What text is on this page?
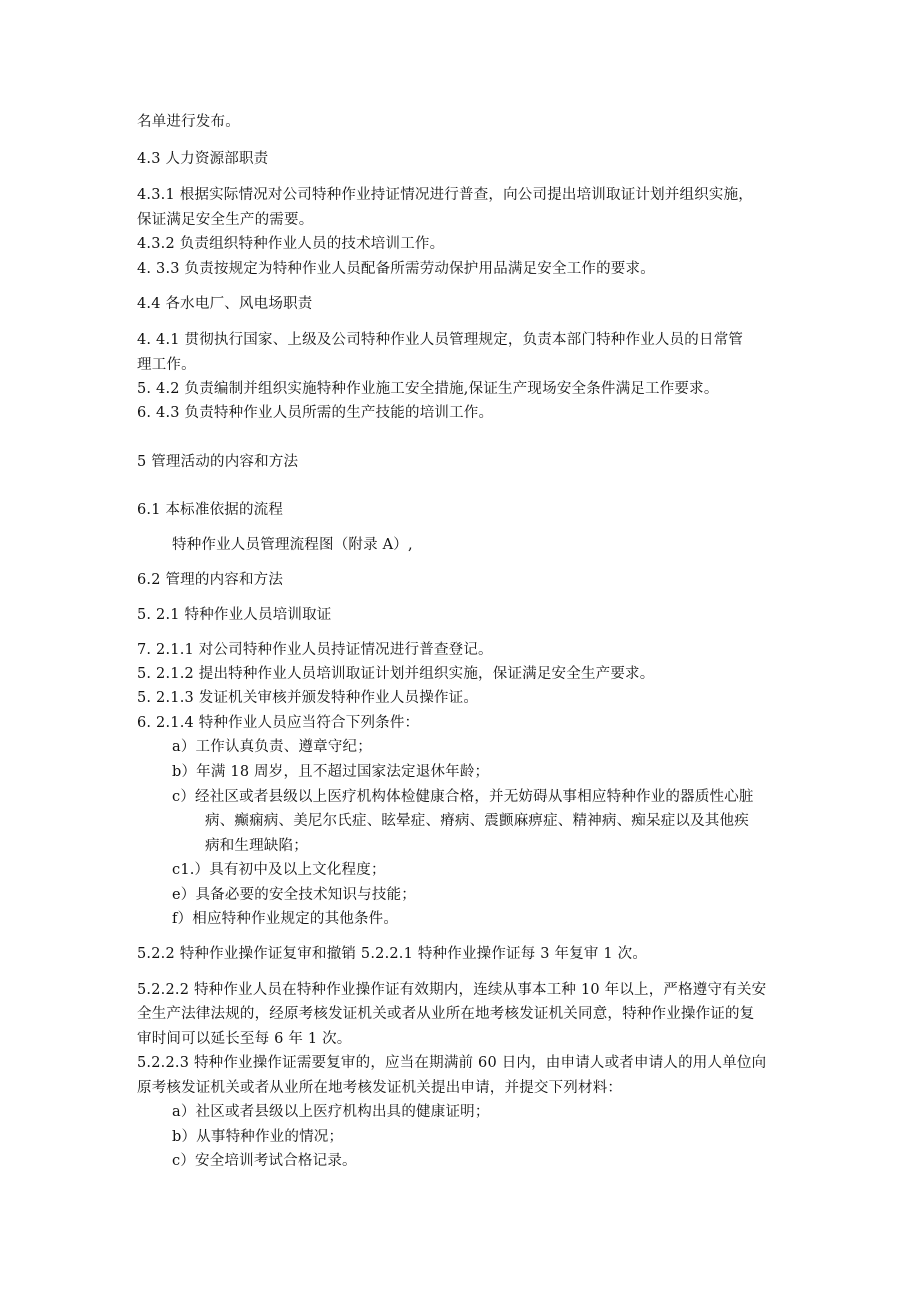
名单进行发布。

4.3 人力资源部职责

4.3.1 根据实际情况对公司特种作业持证情况进行普查，向公司提出培训取证计划并组织实施，

保证满足安全生产的需要。

4.3.2 负责组织特种作业人员的技术培训工作。

4. 3.3 负责按规定为特种作业人员配备所需劳动保护用品满足安全工作的要求。

4.4 各水电厂、风电场职责

4. 4.1 贯彻执行国家、上级及公司特种作业人员管理规定，负责本部门特种作业人员的日常管

理工作。

5. 4.2 负责编制并组织实施特种作业施工安全措施,保证生产现场安全条件满足工作要求。

6. 4.3 负责特种作业人员所需的生产技能的培训工作。

5 管理活动的内容和方法

6.1 本标准依据的流程

特种作业人员管理流程图（附录 A）,

6.2 管理的内容和方法

5. 2.1 特种作业人员培训取证

7. 2.1.1 对公司特种作业人员持证情况进行普查登记。

5. 2.1.2 提出特种作业人员培训取证计划并组织实施，保证满足安全生产要求。

5. 2.1.3 发证机关审核并颁发特种作业人员操作证。

6. 2.1.4 特种作业人员应当符合下列条件：

a）工作认真负责、遵章守纪；

b）年满 18 周岁，且不超过国家法定退休年龄；

c）经社区或者县级以上医疗机构体检健康合格，并无妨碍从事相应特种作业的器质性心脏

病、癫痫病、美尼尔氏症、眩晕症、瘠病、震颤麻痹症、精神病、痴呆症以及其他疾

病和生理缺陷；

c1.）具有初中及以上文化程度；

e）具备必要的安全技术知识与技能；

f）相应特种作业规定的其他条件。

5.2.2 特种作业操作证复审和撤销 5.2.2.1 特种作业操作证每 3 年复审 1 次。

5.2.2.2 特种作业人员在特种作业操作证有效期内，连续从事本工种 10 年以上，严格遵守有关安

全生产法律法规的，经原考核发证机关或者从业所在地考核发证机关同意，特种作业操作证的复

审时间可以延长至每 6 年 1 次。

5.2.2.3 特种作业操作证需要复审的，应当在期满前 60 日内，由申请人或者申请人的用人单位向

原考核发证机关或者从业所在地考核发证机关提出申请，并提交下列材料：

a）社区或者县级以上医疗机构出具的健康证明；

b）从事特种作业的情况；

c）安全培训考试合格记录。
